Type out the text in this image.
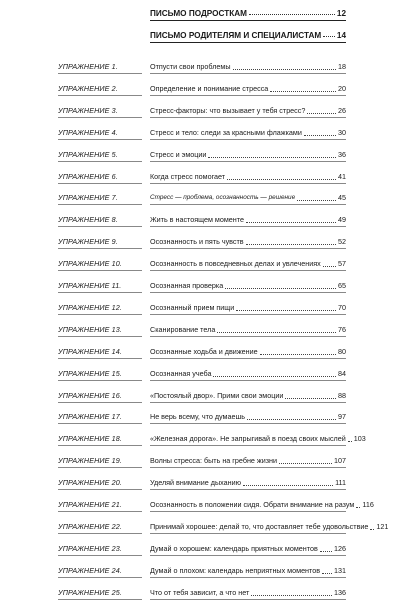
ПИСЬМО ПОДРОСТКАМ	12
ПИСЬМО РОДИТЕЛЯМ И СПЕЦИАЛИСТАМ 14
УПРАЖНЕНИЕ 1.	Отпусти свои проблемы	18
УПРАЖНЕНИЕ 2.	Определение и понимание стресса	20
УПРАЖНЕНИЕ 3.	Стресс-факторы: что вызывает у тебя стресс?	26
УПРАЖНЕНИЕ 4.	Стресс и тело: следи за красными флажками	30
УПРАЖНЕНИЕ 5.	Стресс и эмоции	36
УПРАЖНЕНИЕ 6.	Когда стресс помогает	41
УПРАЖНЕНИЕ 7.	Стресс — проблема, осознанность — решение	45
УПРАЖНЕНИЕ 8.	Жить в настоящем моменте	49
УПРАЖНЕНИЕ 9.	Осознанность и пять чувств	52
УПРАЖНЕНИЕ 10.	Осознанность в повседневных делах и увлечениях 57
УПРАЖНЕНИЕ 11.	Осознанная проверка	65
УПРАЖНЕНИЕ 12.	Осознанный прием пищи	70
УПРАЖНЕНИЕ 13.	Сканирование тела	76
УПРАЖНЕНИЕ 14.	Осознанные ходьба и движение	80
УПРАЖНЕНИЕ 15.	Осознанная учеба	84
УПРАЖНЕНИЕ 16.	«Постоялый двор». Прими свои эмоции	88
УПРАЖНЕНИЕ 17.	Не верь всему, что думаешь	97
УПРАЖНЕНИЕ 18.	«Железная дорога». Не запрыгивай в поезд своих мыслей 103
УПРАЖНЕНИЕ 19.	Волны стресса: быть на гребне жизни	107
УПРАЖНЕНИЕ 20.	Уделяй внимание дыханию	111
УПРАЖНЕНИЕ 21.	Осознанность в положении сидя. Обрати внимание на разум 116
УПРАЖНЕНИЕ 22.	Принимай хорошее: делай то, что доставляет тебе удовольствие 121
УПРАЖНЕНИЕ 23.	Думай о хорошем: календарь приятных моментов 126
УПРАЖНЕНИЕ 24.	Думай о плохом: календарь неприятных моментов 131
УПРАЖНЕНИЕ 25.	Что от тебя зависит, а что нет	136
